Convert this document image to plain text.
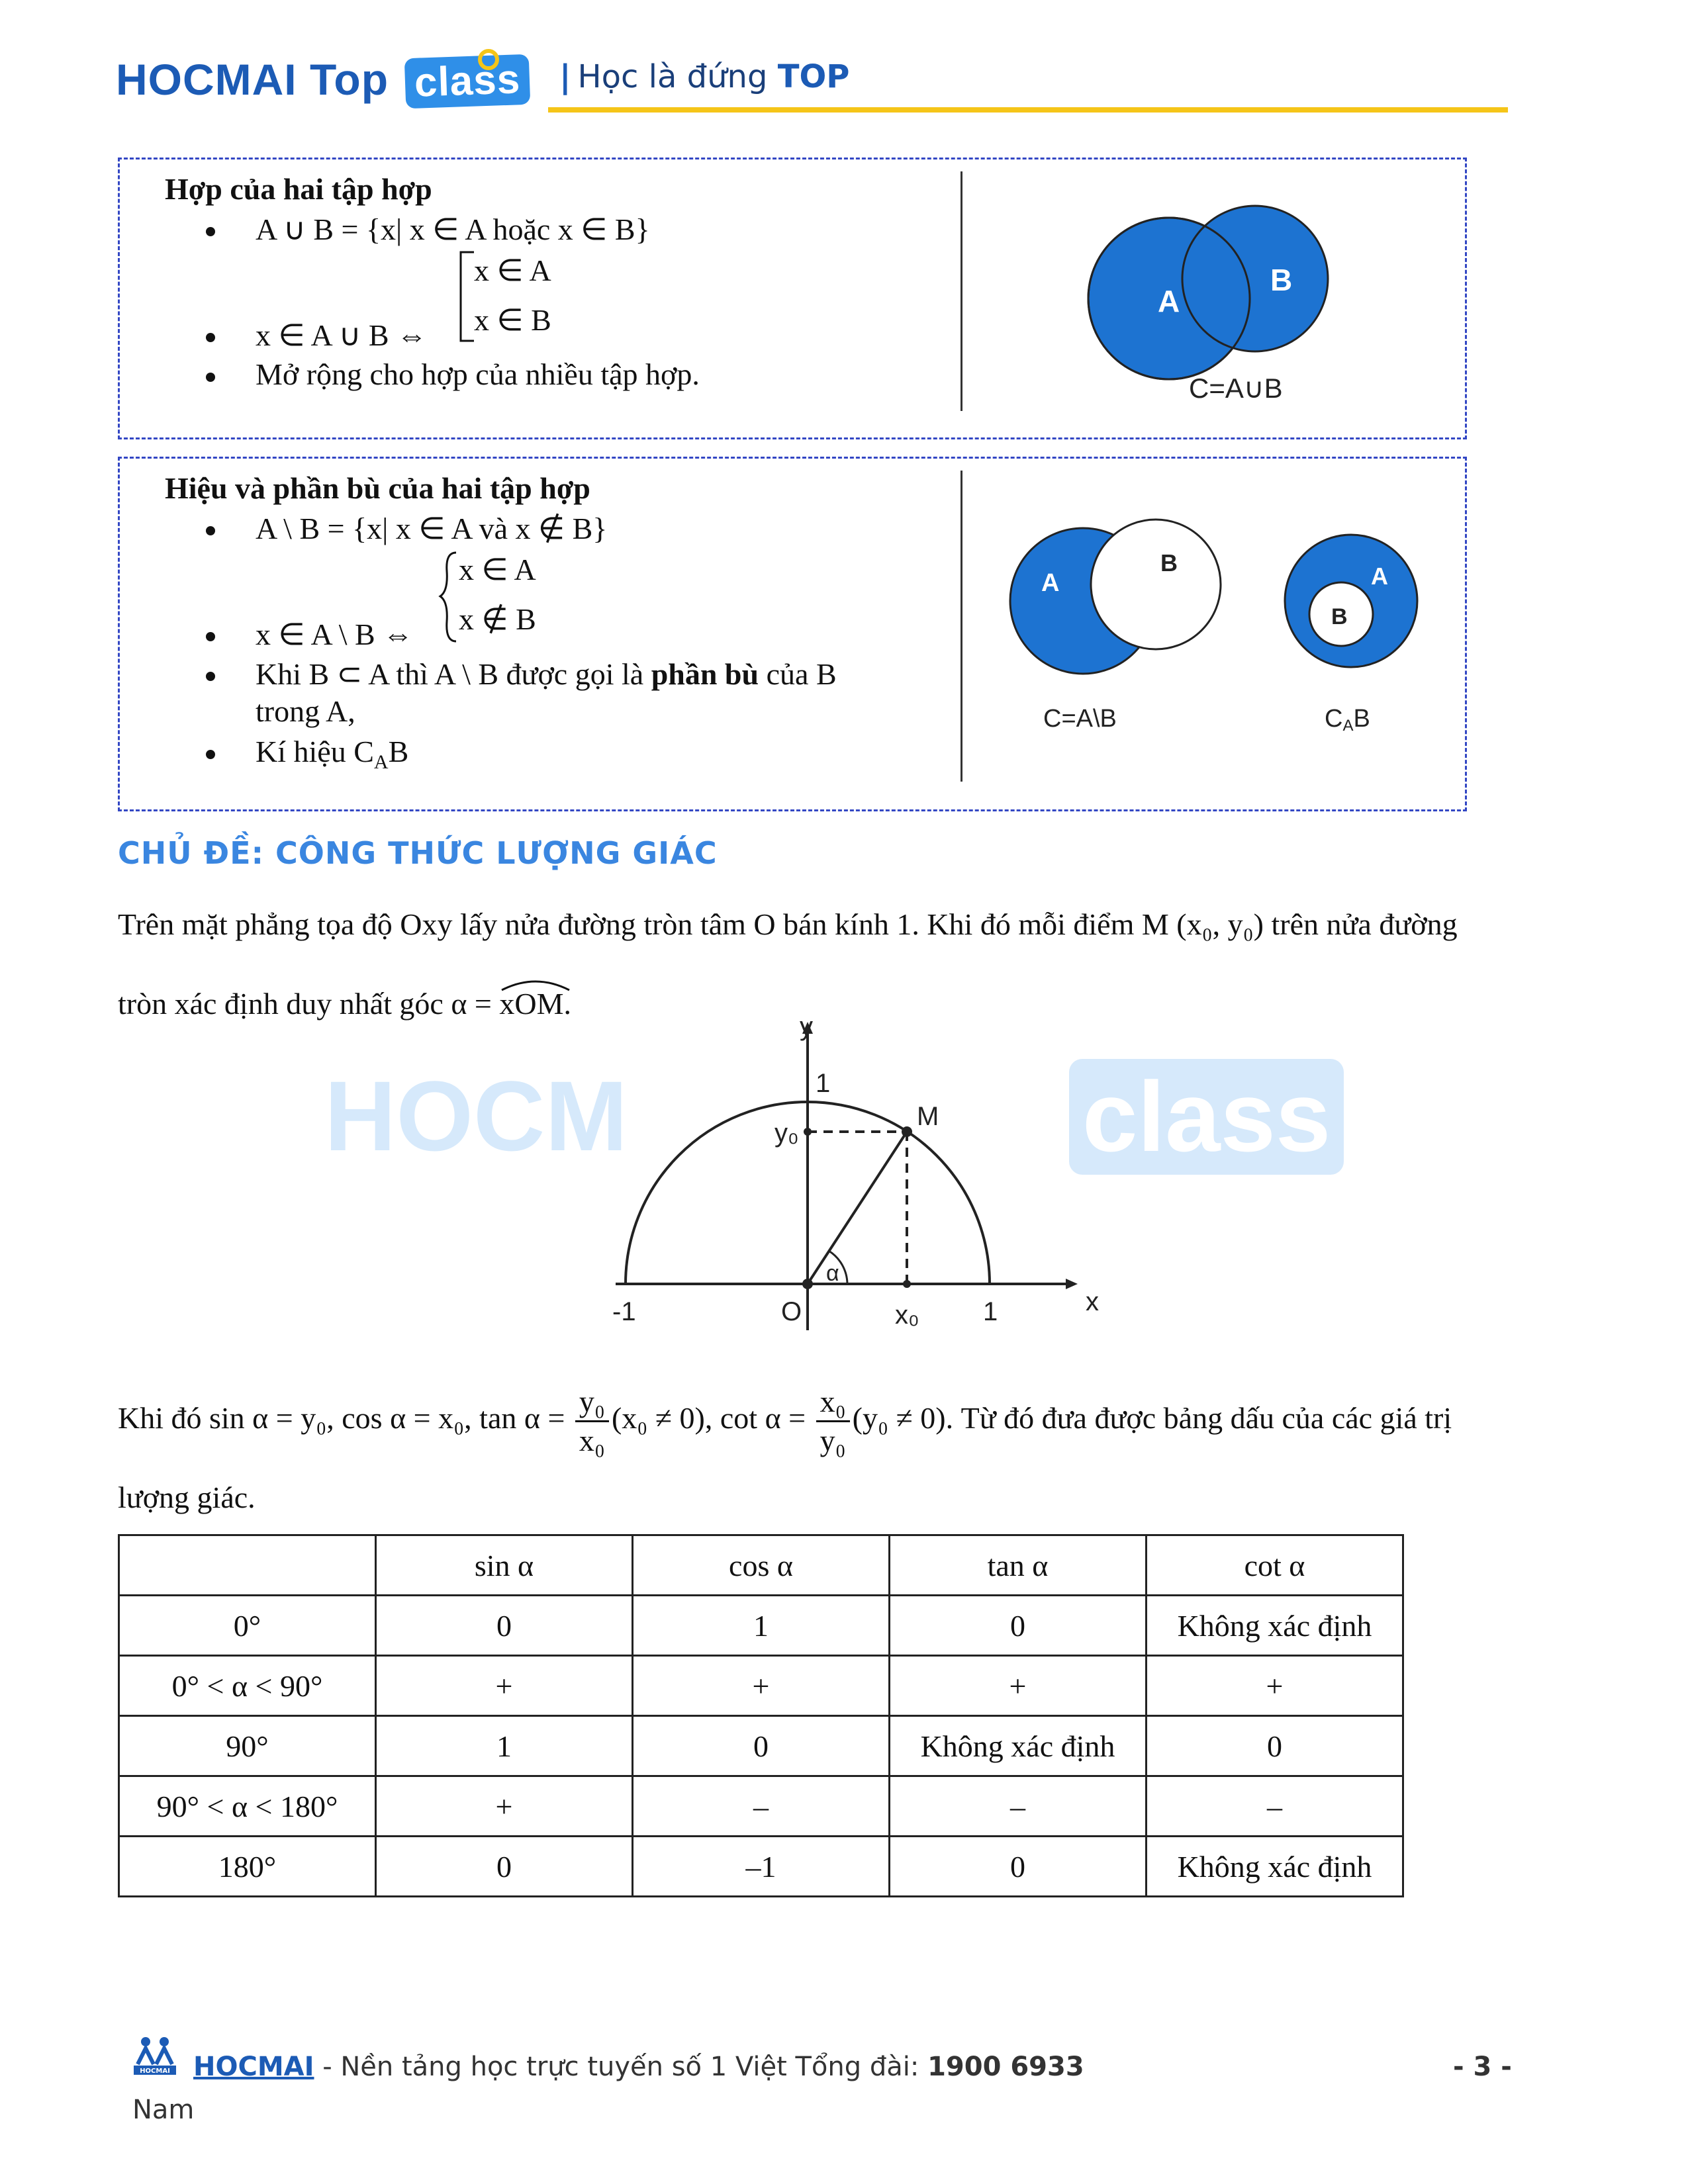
HOCMAI Top class | Học là đứng TOP
Hợp của hai tập hợp
A ∪ B = {x| x ∈ A hoặc x ∈ B}
x ∈ A
x ∈ B
x ∈ A ∪ B ⇔
Mở rộng cho hợp của nhiều tập hợp.
A
B
C=A∪B
Hiệu và phần bù của hai tập hợp
A \ B = {x| x ∈ A và x ∉ B}
x ∈ A
x ∉ B
x ∈ A \ B ⇔
Khi B ⊂ A thì A \ B được gọi là phần bù của B
trong A,
Kí hiệu $C_AB$
A
B
C=A\B
B
A
CAB
CHỦ ĐỀ: CÔNG THỨC LƯỢNG GIÁC
Trên mặt phẳng tọa độ Oxy lấy nửa đường tròn tâm O bán kính 1. Khi đó mỗi điểm M (x₀, y₀) trên nửa đường
tròn xác định duy nhất góc α =
xOM.
HOCM	class
y
x
1
y₀
M
α
-1	O	x₀ 1
Khi đó sin α = y₀, cos α = x₀, $\tan \alpha = \frac{\text{y₀}}{\text{x₀}} (x_0 \ne 0)$, $\cot \alpha = \frac{\text{x₀}}{\text{y₀}} (y_0 \ne 0)$. Từ đó đưa được bảng dấu của các giá trị
lượng giác.
	sin α	cos α	tan α	cot α
0°	0	1	0	Không xác định
0° < α < 90°	+	+	+	+
90°	1	0	Không xác định	0
90° < α < 180°	+	–	–	–
180°	0	–1	0	Không xác định
HOCMAI HOCMAI - Nền tảng học trực tuyến số 1 Việt Tổng đài: 1900 6933	- 3 -
Nam
